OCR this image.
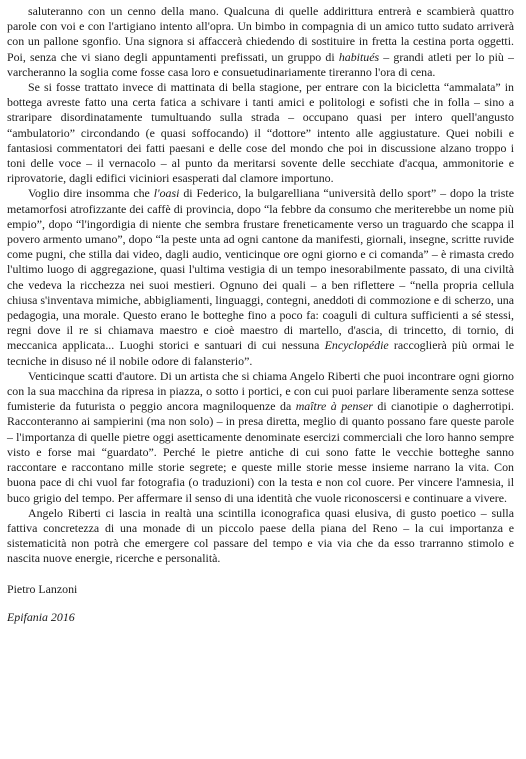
saluteranno con un cenno della mano. Qualcuna di quelle addirittura entrerà e scambierà quattro parole con voi e con l'artigiano intento all'opra. Un bimbo in compagnia di un amico tutto sudato arriverà con un pallone sgonfio. Una signora si affaccerà chiedendo di sostituire in fretta la cestina porta oggetti. Poi, senza che vi siano degli appuntamenti prefissati, un gruppo di habitués – grandi atleti per lo più – varcheranno la soglia come fosse casa loro e consuetudinariamente tireranno l'ora di cena.

Se si fosse trattato invece di mattinata di bella stagione, per entrare con la bicicletta “ammalata” in bottega avreste fatto una certa fatica a schivare i tanti amici e politologi e sofisti che in folla – sino a straripare disordinatamente tumultuando sulla strada – occupano quasi per intero quell'angusto “ambulatorio” circondando (e quasi soffocando) il “dottore” intento alle aggiustature. Quei nobili e fantasiosi commentatori dei fatti paesani e delle cose del mondo che poi in discussione alzano troppo i toni delle voce – il vernacolo – al punto da meritarsi sovente delle secchiate d'acqua, ammonitorie e riprovatorie, dagli edifici viciniori esasperati dal clamore importuno.

Voglio dire insomma che l'oasi di Federico, la bulgarelliana “università dello sport” – dopo la triste metamorfosi atrofizzante dei caffè di provincia, dopo “la febbre da consumo che meriterebbe un nome più empio”, dopo “l'ingordigia di niente che sembra frustare freneticamente verso un traguardo che scappa il povero armento umano”, dopo “la peste unta ad ogni cantone da manifesti, giornali, insegne, scritte ruvide come pugni, che stilla dai video, dagli audio, venticinque ore ogni giorno e ci comanda” – è rimasta credo l'ultimo luogo di aggregazione, quasi l'ultima vestigia di un tempo inesorabilmente passato, di una civiltà che vedeva la ricchezza nei suoi mestieri. Ognuno dei quali – a ben riflettere – “nella propria cellula chiusa s'inventava mimiche, abbigliamenti, linguaggi, contegni, aneddoti di commozione e di scherzo, una pedagogia, una morale. Questo erano le botteghe fino a poco fa: coaguli di cultura sufficienti a sé stessi, regni dove il re si chiamava maestro e cioè maestro di martello, d'ascia, di trincetto, di tornio, di meccanica applicata... Luoghi storici e santuari di cui nessuna Encyclopédie raccoglierà più ormai le tecniche in disuso né il nobile odore di falansterio”.

Venticinque scatti d'autore. Di un artista che si chiama Angelo Riberti che puoi incontrare ogni giorno con la sua macchina da ripresa in piazza, o sotto i portici, e con cui puoi parlare liberamente senza sottese fumisterie da futurista o peggio ancora magniloquenze da maître à penser di cianotipie o dagherrotipi. Racconteranno ai sampierini (ma non solo) – in presa diretta, meglio di quanto possano fare queste parole – l'importanza di quelle pietre oggi asetticamente denominate esercizi commerciali che loro hanno sempre visto e forse mai “guardato”. Perché le pietre antiche di cui sono fatte le vecchie botteghe sanno raccontare e raccontano mille storie segrete; e queste mille storie messe insieme narrano la vita. Con buona pace di chi vuol far fotografia (o traduzioni) con la testa e non col cuore. Per vincere l'amnesia, il buco grigio del tempo. Per affermare il senso di una identità che vuole riconoscersi e continuare a vivere.

Angelo Riberti ci lascia in realtà una scintilla iconografica quasi elusiva, di gusto poetico – sulla fattiva concretezza di una monade di un piccolo paese della piana del Reno – la cui importanza e sistematicità non potrà che emergere col passare del tempo e via via che da esso trarranno stimolo e nascita nuove energie, ricerche e personalità.

Pietro Lanzoni

Epifania 2016
